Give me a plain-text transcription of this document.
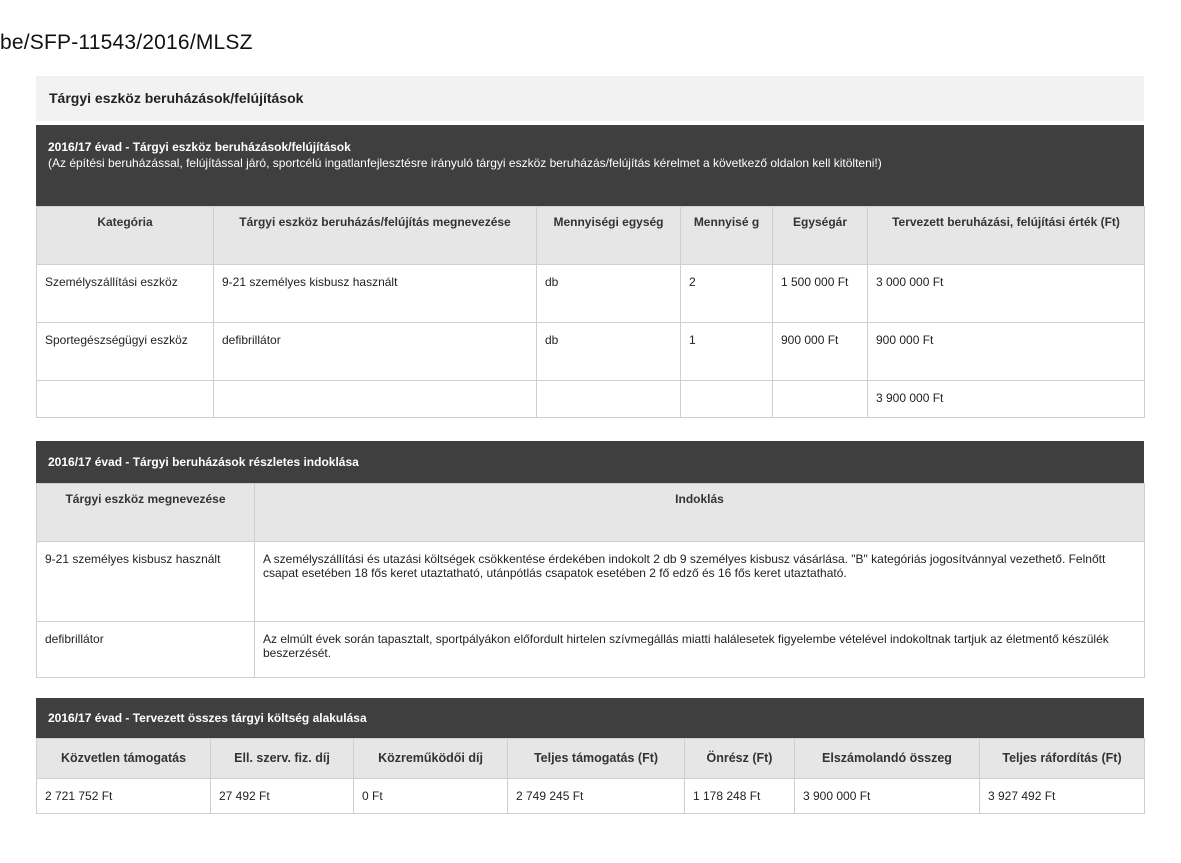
be/SFP-11543/2016/MLSZ
Tárgyi eszköz beruházások/felújítások
2016/17 évad - Tárgyi eszköz beruházások/felújítások
(Az építési beruházással, felújítással járó, sportcélú ingatlanfejlesztésre irányuló tárgyi eszköz beruházás/felújítás kérelmet a következő oldalon kell kitölteni!)
Kategória	Tárgyi eszköz beruházás/felújítás megnevezése	Mennyiségi egység	Mennyisé g	Egységár	Tervezett beruházási, felújítási érték (Ft)
Személyszállítási eszköz	9-21 személyes kisbusz használt	db	2	1 500 000 Ft	3 000 000 Ft
Sportegészségügyi eszköz	defibrillátor	db	1	900 000 Ft	900 000 Ft
					3 900 000 Ft
2016/17 évad - Tárgyi beruházások részletes indoklása
Tárgyi eszköz megnevezése	Indoklás
9-21 személyes kisbusz használt	A személyszállítási és utazási költségek csökkentése érdekében indokolt 2 db 9 személyes kisbusz vásárlása. "B" kategóriás jogosítvánnyal vezethető. Felnőtt csapat esetében 18 fős keret utaztatható, utánpótlás csapatok esetében 2 fő edző és 16 fős keret utaztatható.
defibrillátor	Az elmúlt évek során tapasztalt, sportpályákon előfordult hirtelen szívmegállás miatti halálesetek figyelembe vételével indokoltnak tartjuk az életmentő készülék beszerzését.
2016/17 évad - Tervezett összes tárgyi költség alakulása
Közvetlen támogatás	Ell. szerv. fiz. díj	Közreműködői díj	Teljes támogatás (Ft)	Önrész (Ft)	Elszámolandó összeg	Teljes ráfordítás (Ft)
2 721 752 Ft	27 492 Ft	0 Ft	2 749 245 Ft	1 178 248 Ft	3 900 000 Ft	3 927 492 Ft
